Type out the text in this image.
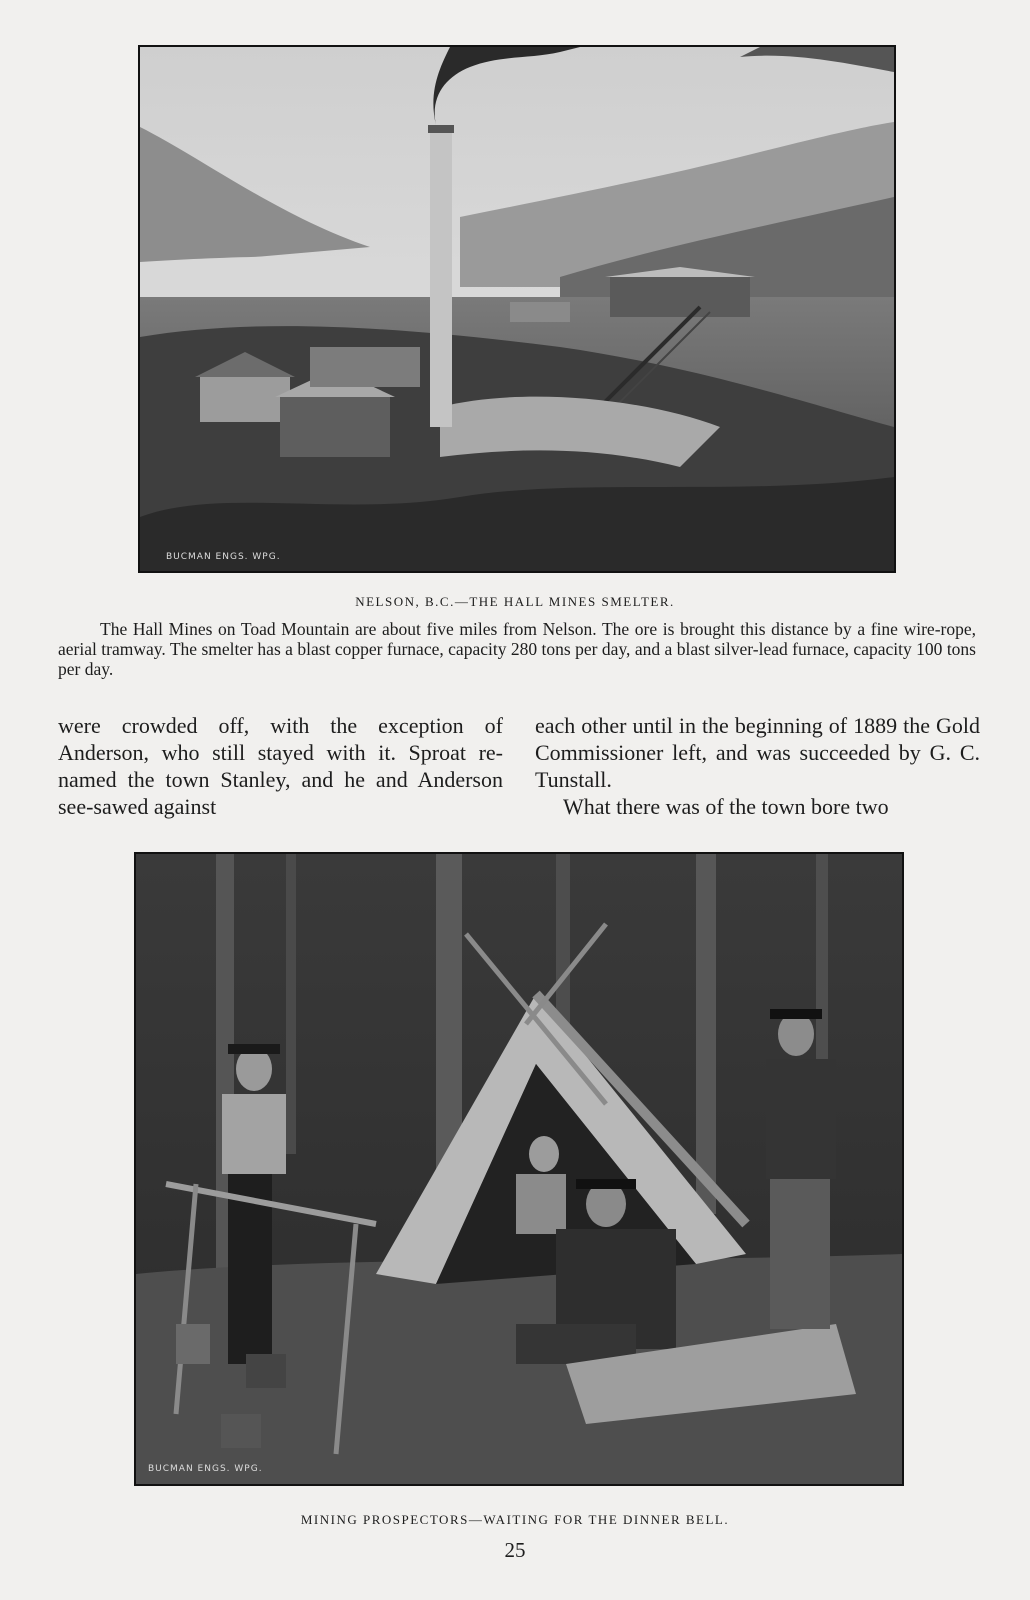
BUCMAN ENGS. WPG.
NELSON, B.C.—THE HALL MINES SMELTER.
The Hall Mines on Toad Mountain are about five miles from Nelson. The ore is brought this distance by a fine wire-rope, aerial tramway. The smelter has a blast copper furnace, capacity 280 tons per day, and a blast silver-lead furnace, capacity 100 tons per day.

were crowded off, with the exception of Anderson, who still stayed with it. Sproat re-named the town Stanley, and he and Anderson see-sawed against

each other until in the beginning of 1889 the Gold Commissioner left, and was succeeded by G. C. Tunstall.

What there was of the town bore two

BUCMAN ENGS. WPG.
MINING PROSPECTORS—WAITING FOR THE DINNER BELL.
25
